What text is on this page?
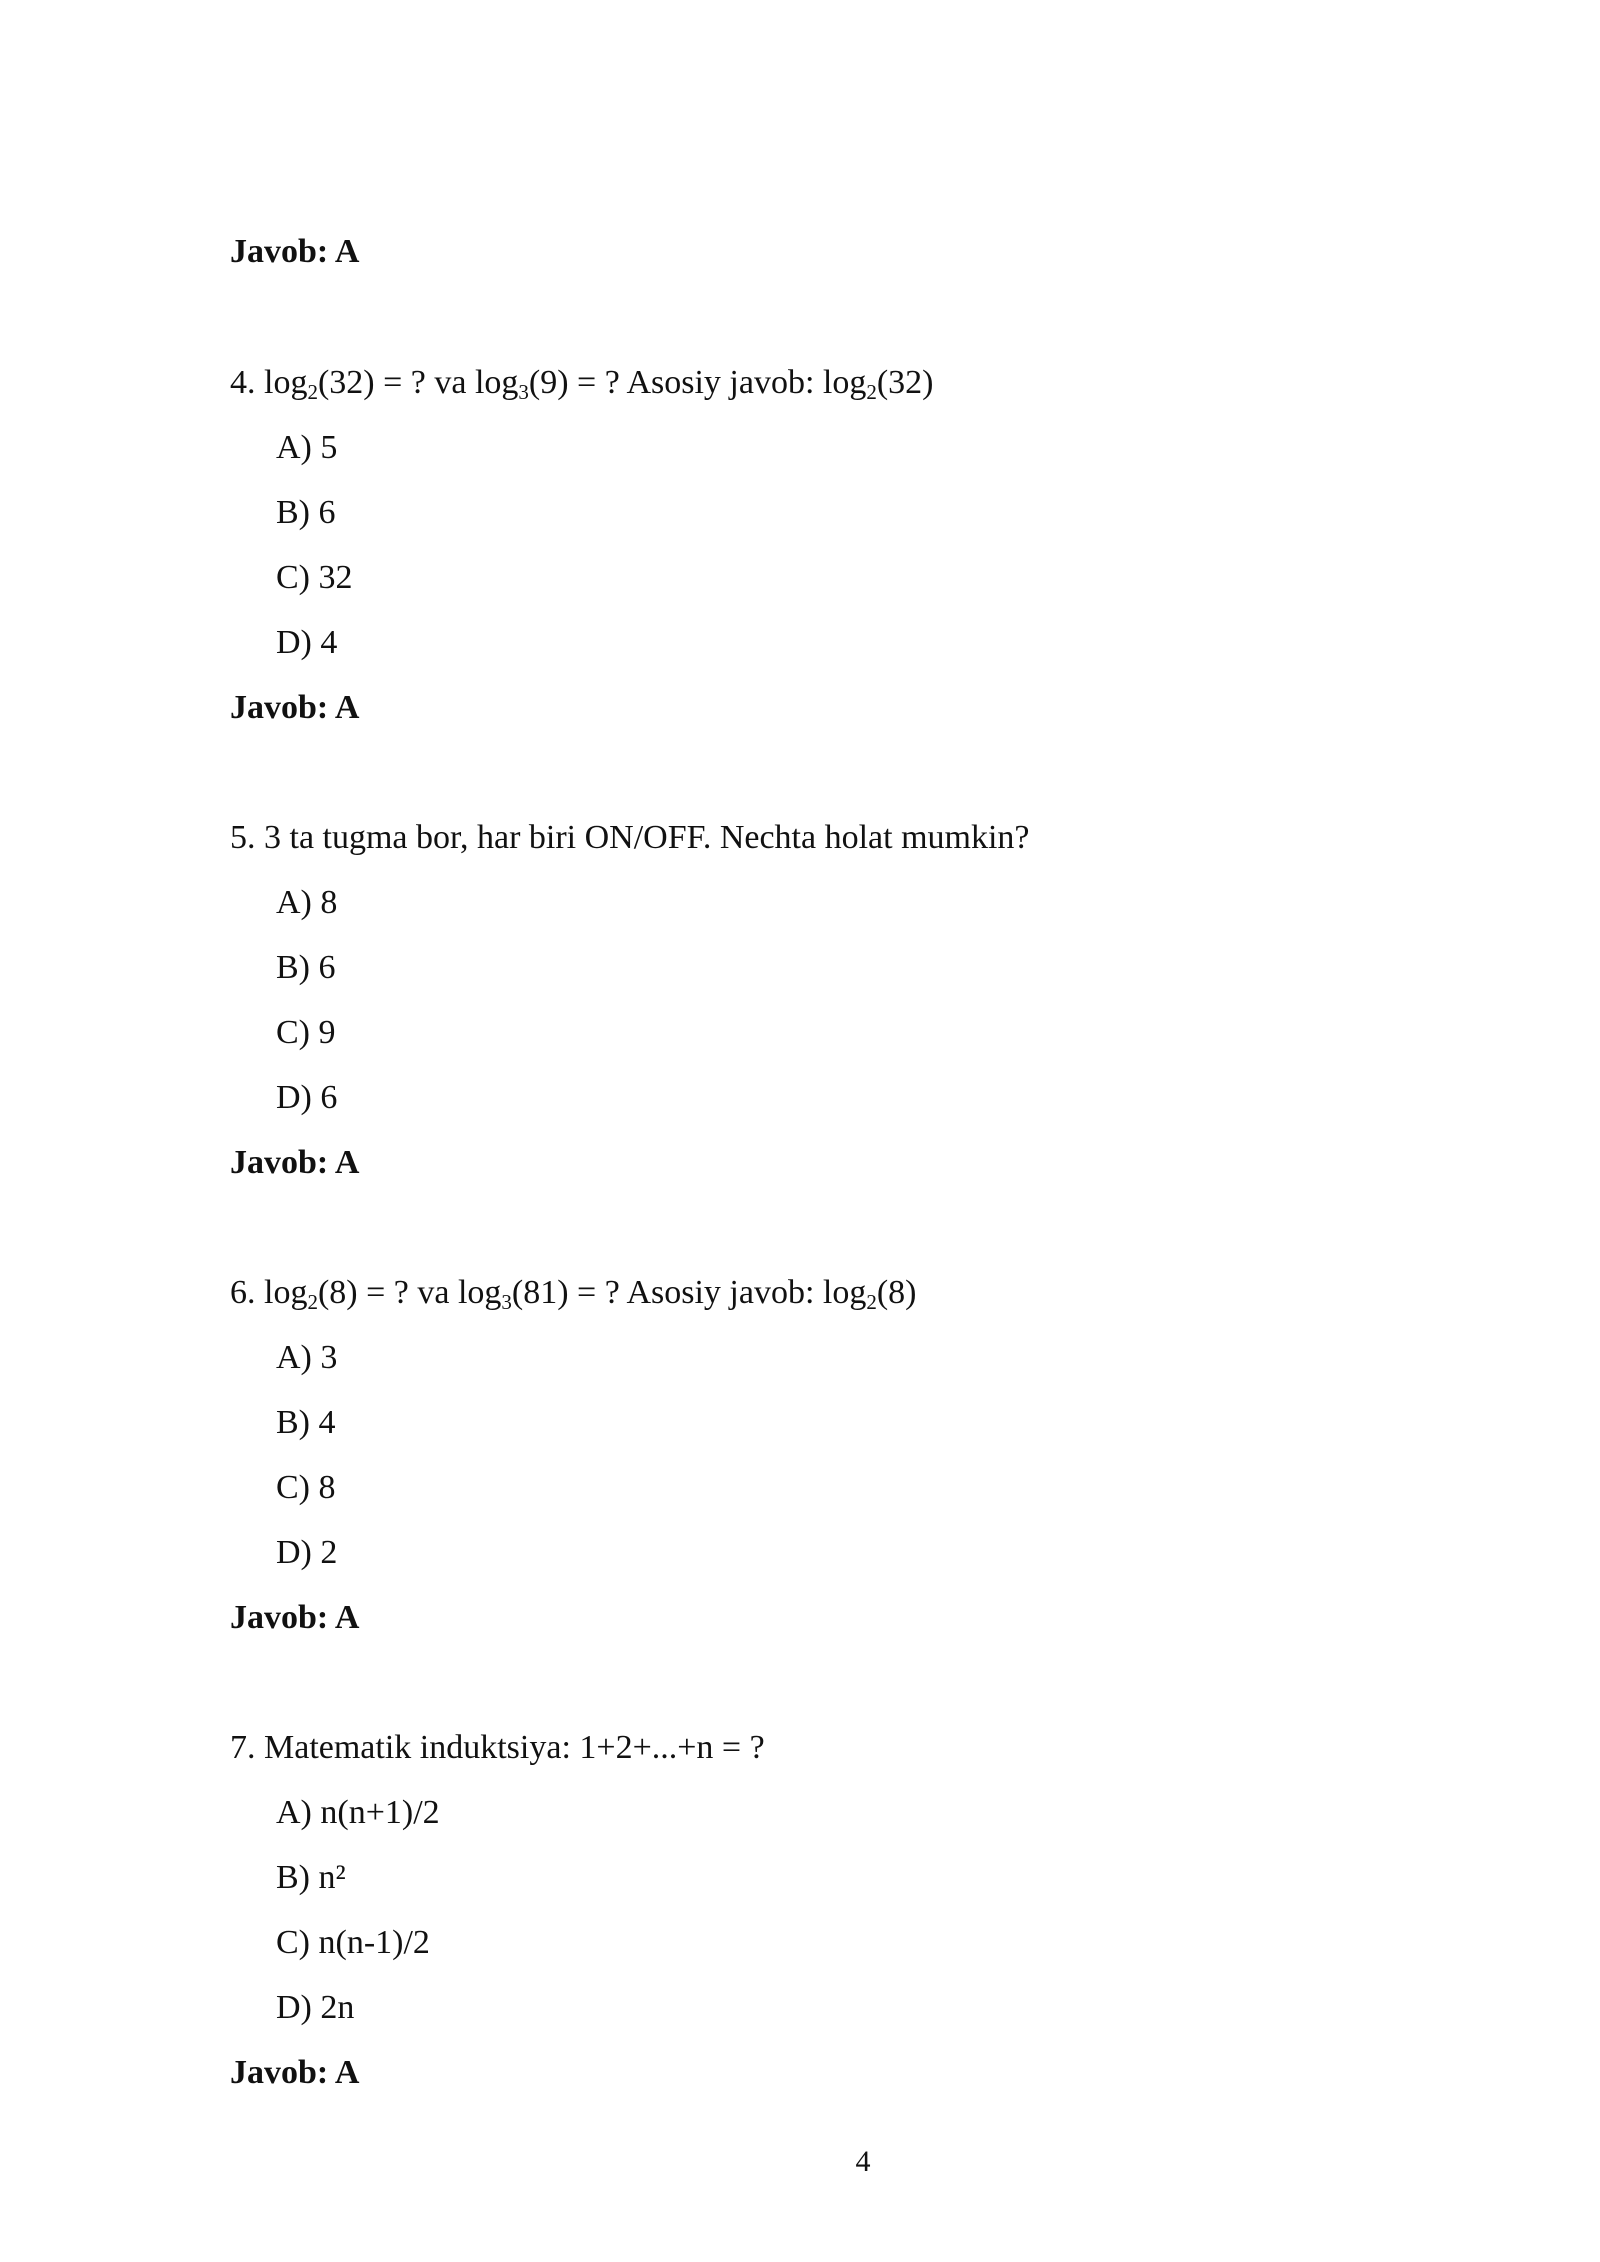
Javob: A
4. $\log_2(32)$ = ? va $\log_3(9)$ = ? Asosiy javob: $\log_2(32)$
A) 5
B) 6
C) 32
D) 4
Javob: A
5. 3 ta tugma bor, har biri ON/OFF. Nechta holat mumkin?
A) 8
B) 6
C) 9
D) 6
Javob: A
6. $\log_2(8)$ = ? va $\log_3(81)$ = ? Asosiy javob: $\log_2(8)$
A) 3
B) 4
C) 8
D) 2
Javob: A
7. Matematik induktsiya: 1+2+...+n = ?
A) n(n+1)/2
B) n²
C) n(n-1)/2
D) 2n
Javob: A
4
